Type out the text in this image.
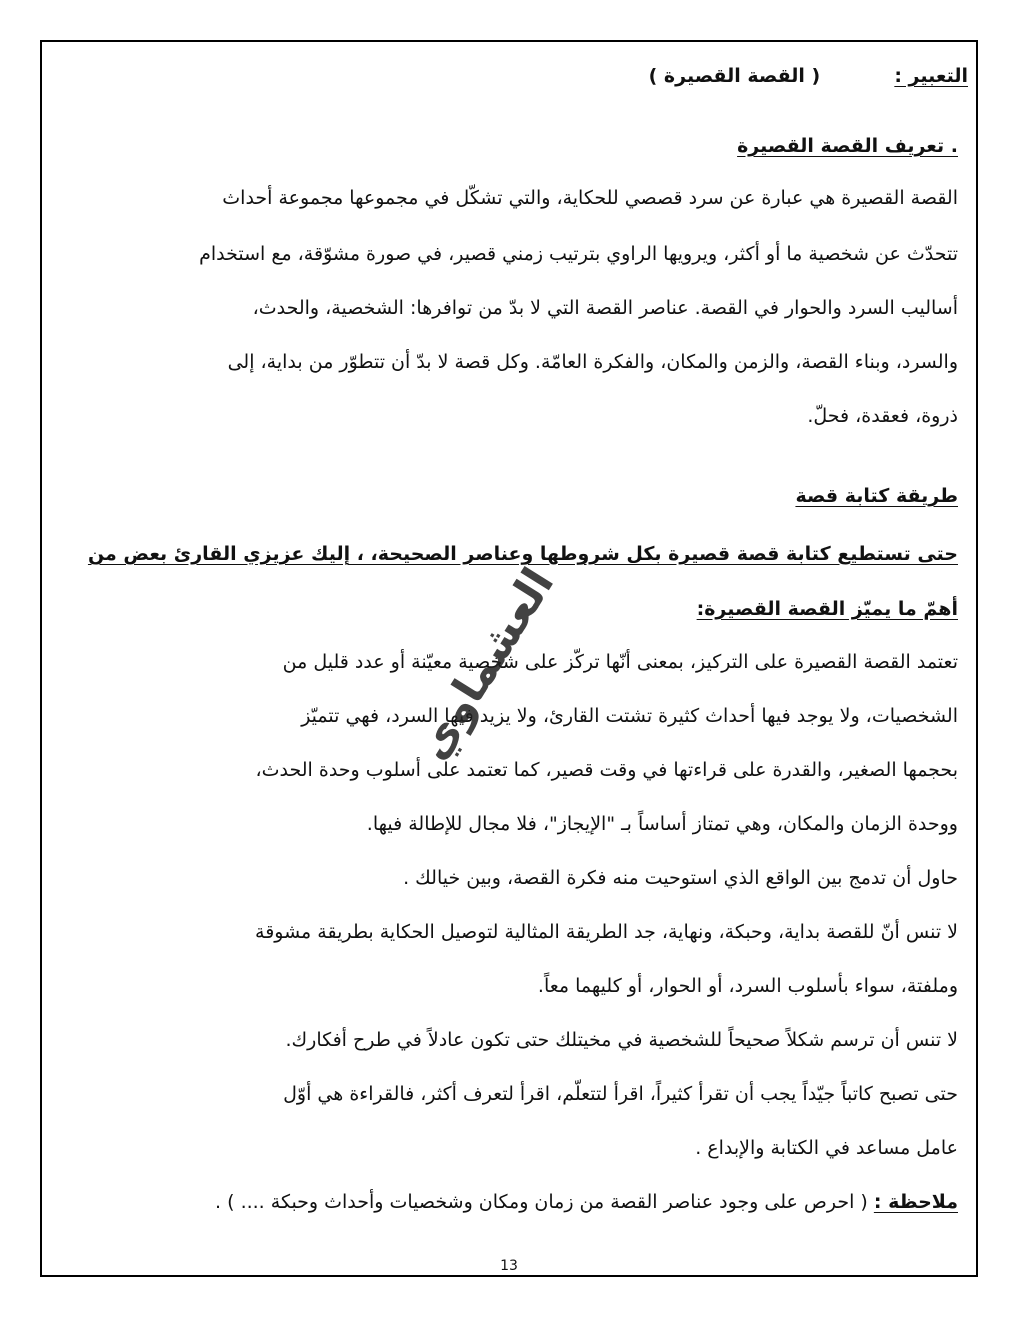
التعبير :  ( القصة القصيرة )
. تعريف القصة القصيرة
القصة القصيرة هي عبارة عن سرد قصصي للحكاية، والتي تشكّل في مجموعها مجموعة أحداث
تتحدّث عن شخصية ما أو أكثر، ويرويها الراوي بترتيب زمني قصير، في صورة مشوّقة، مع استخدام
أساليب السرد والحوار في القصة. عناصر القصة التي لا بدّ من توافرها: الشخصية، والحدث،
والسرد، وبناء القصة، والزمن والمكان، والفكرة العامّة. وكل قصة لا بدّ أن تتطوّر من بداية، إلى
ذروة، فعقدة، فحلّ.
طريقة كتابة قصة
حتى تستطيع كتابة قصة قصيرة بكل شروطها وعناصر الصحيحة، ، إليك عزيزي القارئ بعض من
أهمّ ما يميّز القصة القصيرة:
تعتمد القصة القصيرة على التركيز، بمعنى أنّها تركّز على شخصية معيّنة أو عدد قليل من
الشخصيات، ولا يوجد فيها أحداث كثيرة تشتت القارئ، ولا يزيد فيها السرد، فهي تتميّز
بحجمها الصغير، والقدرة على قراءتها في وقت قصير، كما تعتمد على أسلوب وحدة الحدث،
ووحدة الزمان والمكان، وهي تمتاز أساساً بـ "الإيجاز"، فلا مجال للإطالة فيها.
حاول أن تدمج بين الواقع الذي استوحيت منه فكرة القصة، وبين خيالك .
لا تنس أنّ للقصة بداية، وحبكة، ونهاية، جد الطريقة المثالية لتوصيل الحكاية بطريقة مشوقة
وملفتة، سواء بأسلوب السرد، أو الحوار، أو كليهما معاً.
لا تنس أن ترسم شكلاً صحيحاً للشخصية في مخيتلك حتى تكون عادلاً في طرح أفكارك.
حتى تصبح كاتباً جيّداً يجب أن تقرأ كثيراً، اقرأ لتتعلّم، اقرأ لتعرف أكثر، فالقراءة هي أوّل
عامل مساعد في الكتابة والإبداع .
ملاحظة : ( احرص على وجود عناصر القصة من زمان ومكان وشخصيات وأحداث وحبكة .... ) .
13
العشماوي
